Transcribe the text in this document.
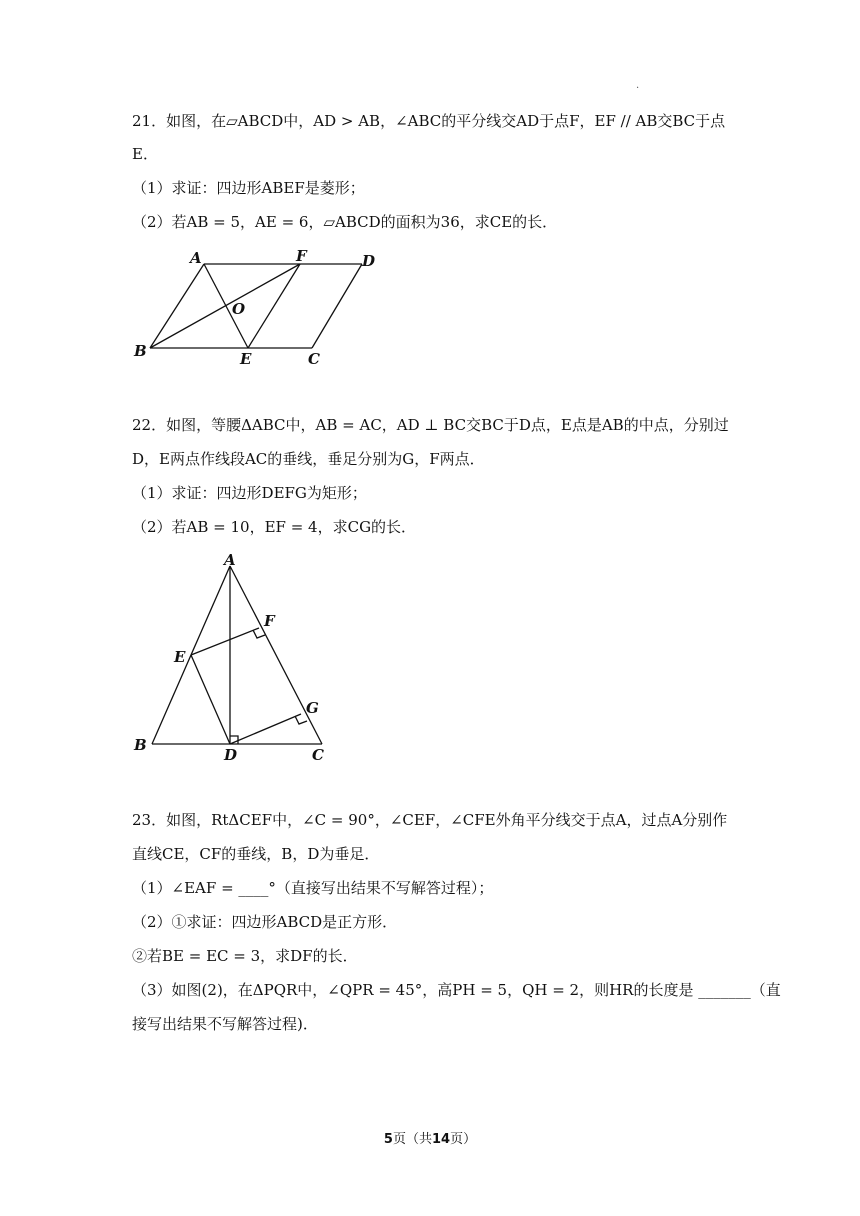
.
21．如图，在▱ABCD中，AD > AB，∠ABC的平分线交AD于点F，EF // AB交BC于点
E．
（1）求证：四边形ABEF是菱形；
（2）若AB = 5，AE = 6，▱ABCD的面积为36，求CE的长．
A	F	D
O
B	E	C
22．如图，等腰ΔABC中，AB = AC，AD ⊥ BC交BC于D点，E点是AB的中点，分别过
D，E两点作线段AC的垂线，垂足分别为G，F两点．
（1）求证：四边形DEFG为矩形；
（2）若AB = 10，EF = 4，求CG的长．
A
F
E
G
B
D	C
23．如图，RtΔCEF中，∠C = 90°，∠CEF，∠CFE外角平分线交于点A，过点A分别作
直线CE，CF的垂线，B，D为垂足．
（1）∠EAF = ____°（直接写出结果不写解答过程）；
（2）①求证：四边形ABCD是正方形．
②若BE = EC = 3，求DF的长．
（3）如图(2)，在ΔPQR中，∠QPR = 45°，高PH = 5，QH = 2，则HR的长度是 _______（直
接写出结果不写解答过程)．
5页（共14页）
